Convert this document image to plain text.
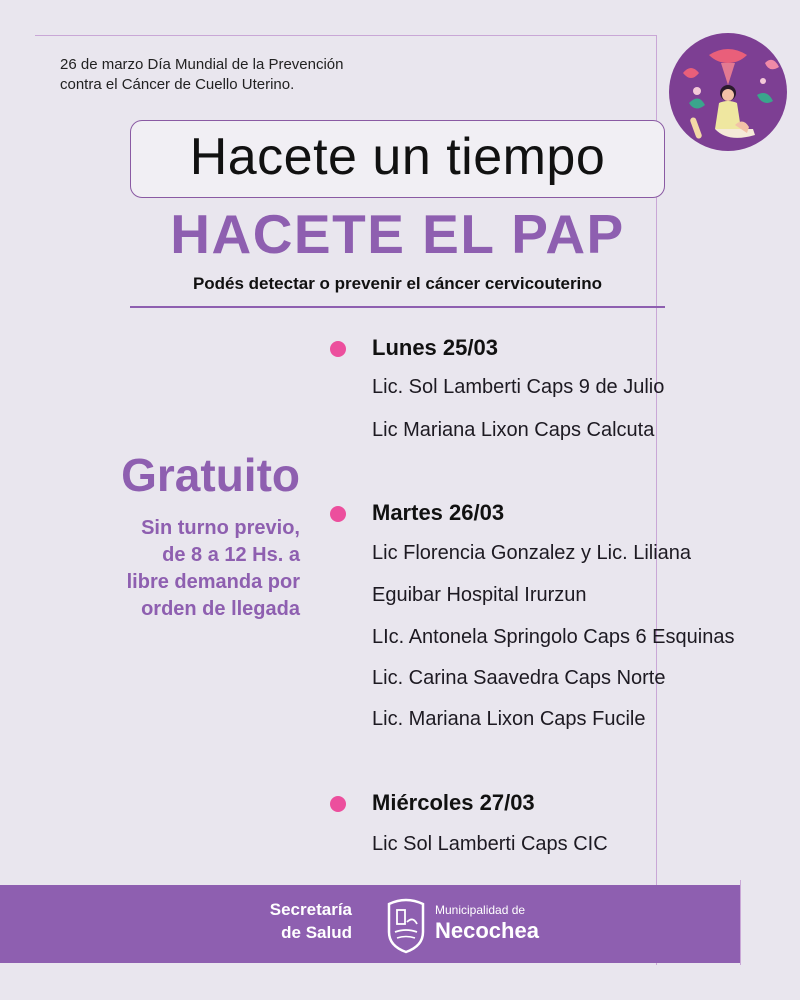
26 de marzo Día Mundial de la Prevención
contra el Cáncer de Cuello Uterino.
Hacete un tiempo
HACETE EL PAP
Podés detectar o prevenir el cáncer cervicouterino
Gratuito
Sin turno previo,
de 8 a 12 Hs. a
libre demanda por
orden de llegada
Lunes 25/03
Lic. Sol Lamberti Caps 9 de Julio
Lic Mariana Lixon Caps Calcuta
Martes 26/03
Lic Florencia Gonzalez y Lic. Liliana
Eguibar Hospital Irurzun
LIc. Antonela Springolo Caps 6 Esquinas
Lic. Carina Saavedra Caps Norte
Lic. Mariana Lixon Caps Fucile
Miércoles 27/03
Lic Sol Lamberti Caps CIC
Secretaría
de Salud
Municipalidad de
Necochea
